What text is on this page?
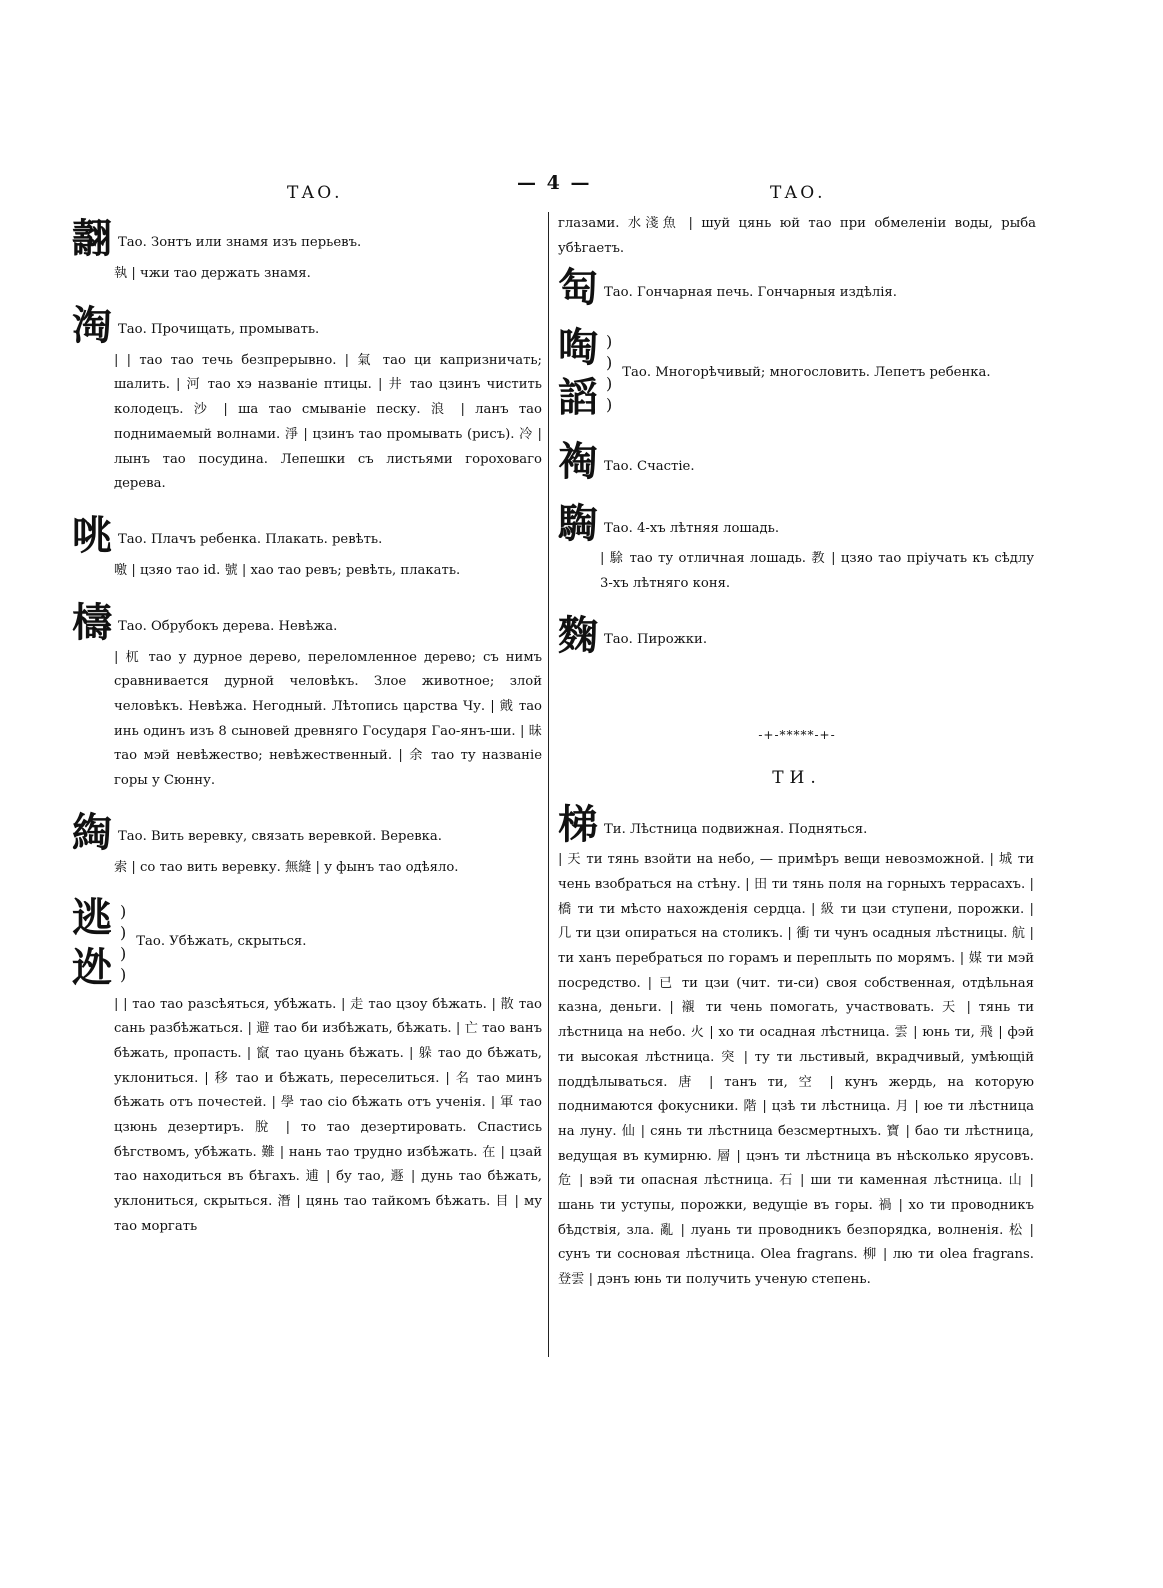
ТАО.	— 4 —	ТАО.
翿 Тао. Зонтъ или знамя изъ перьевъ.
執 | чжи тао держать знамя.
淘 Тао. Прочищать, промывать.
| | тао тао течь безпрерывно. | 氣 тао ци капризничать; шалить. | 河 тао хэ названіе птицы. | 井 тао цзинъ чистить колодецъ. 沙 | ша тао смываніе песку. 浪 | ланъ тао поднимаемый волнами. 淨 | цзинъ тао промывать (рисъ). 冷 | лынъ тао посудина. Лепешки съ листьями гороховаго дерева.
咷 Тао. Плачъ ребенка. Плакать. ревѣть.
噭 | цзяо тао id. 號 | хао тао ревъ; ревѣть, плакать.
檮 Тао. Обрубокъ дерева. Невѣжа.
| 杌 тао у дурное дерево, переломленное дерево; съ нимъ сравнивается дурной человѣкъ. Злое животное; злой человѣкъ. Невѣжа. Негодный. Лѣтопись царства Чу. | 戭 тао инь одинъ изъ 8 сыновей древняго Государя Гао-янъ-ши. | 昧 тао мэй невѣжество; невѣжественный. | 余 тао ту названіе горы у Сюнну.
綯 Тао. Вить веревку, связать веревкой. Веревка.
索 | со тао вить веревку. 無縫 | у фынъ тао одѣяло.
逃
迯
)
)
)
)
Тао. Убѣжать, скрыться.
| | тао тао разсѣяться, убѣжать. | 走 тао цзоу бѣжать. | 散 тао сань разбѣжаться. | 避 тао би избѣжать, бѣжать. | 亡 тао ванъ бѣжать, пропасть. | 竄 тао цуань бѣжать. | 躲 тао до бѣжать, уклониться. | 移 тао и бѣжать, переселиться. | 名 тао минъ бѣжать отъ почестей. | 學 тао сіо бѣжать отъ ученія. | 軍 тао цзюнь дезертиръ. 脫 | то тао дезертировать. Спастись бѣгствомъ, убѣжать. 難 | нань тао трудно избѣжать. 在 | цзай тао находиться въ бѣгахъ. 逋 | бу тао, 遯 | дунь тао бѣжать, уклониться, скрыться. 潛 | цянь тао тайкомъ бѣжать. 目 | му тао моргать
глазами. 水淺魚 | шуй цянь юй тао при обмеленіи воды, рыба убѣгаетъ.
匋 Тао. Гончарная печь. Гончарныя издѣлія.
啕
謟
)
)
)
)
Тао. Многорѣчивый; многословить. Лепетъ ребенка.
裪 Тао. Счастіе.
騊 Тао. 4-хъ лѣтняя лошадь.
| 駼 тао ту отличная лошадь. 教 | цзяо тао пріучать къ сѣдлу 3-хъ лѣтняго коня.
麴 Тао. Пирожки.
-+-*****-+-
ТИ.
梯 Ти. Лѣстница подвижная. Подняться.
| 天 ти тянь взойти на небо, — примѣръ вещи невозможной. | 城 ти чень взобраться на стѣну. | 田 ти тянь поля на горныхъ террасахъ. | 橋 ти ти мѣсто нахожденія сердца. | 級 ти цзи ступени, порожки. | 几 ти цзи опираться на столикъ. | 衝 ти чунъ осадныя лѣстницы. 航 | ти ханъ перебраться по горамъ и переплыть по морямъ. | 媒 ти мэй посредство. | 已 ти цзи (чит. ти-си) своя собственная, отдѣльная казна, деньги. | 襯 ти чень помогать, участвовать. 天 | тянь ти лѣстница на небо. 火 | хо ти осадная лѣстница. 雲 | юнь ти, 飛 | фэй ти высокая лѣстница. 突 | ту ти льстивый, вкрадчивый, умѣющій поддѣлываться. 唐 | танъ ти, 空 | кунъ жердь, на которую поднимаются фокусники. 階 | цзѣ ти лѣстница. 月 | юе ти лѣстница на луну. 仙 | сянь ти лѣстница безсмертныхъ. 寶 | бао ти лѣстница, ведущая въ кумирню. 層 | цэнъ ти лѣстница въ нѣсколько ярусовъ. 危 | вэй ти опасная лѣстница. 石 | ши ти каменная лѣстница. 山 | шань ти уступы, порожки, ведущіе въ горы. 禍 | хо ти проводникъ бѣдствія, зла. 亂 | луань ти проводникъ безпорядка, волненія. 松 | сунъ ти сосновая лѣстница. Olea fragrans. 柳 | лю ти olea fragrans. 登雲 | дэнъ юнь ти получить ученую степень.
